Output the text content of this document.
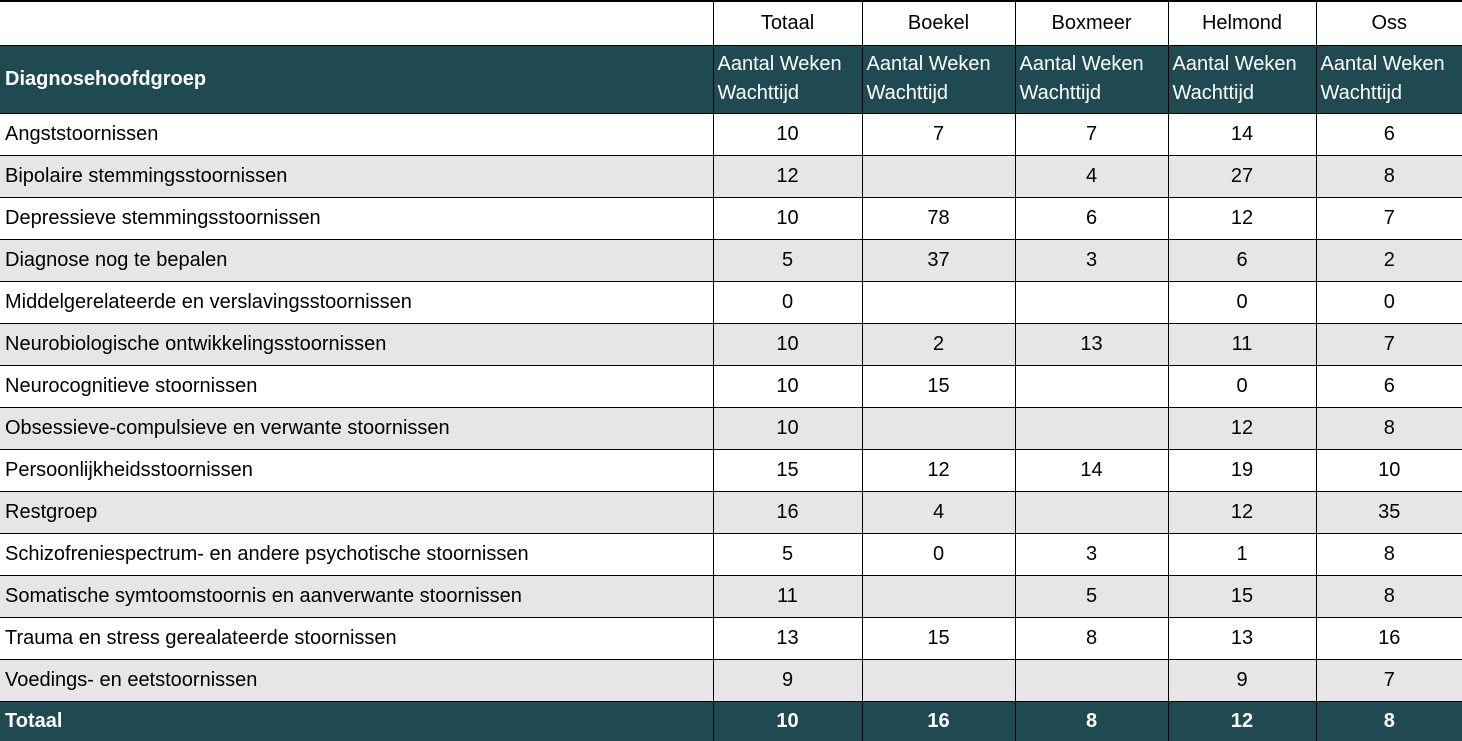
	Totaal	Boekel	Boxmeer	Helmond	Oss
Diagnosehoofdgroep	Aantal Weken Wachttijd	Aantal Weken Wachttijd	Aantal Weken Wachttijd	Aantal Weken Wachttijd	Aantal Weken Wachttijd
Angststoornissen	10	7	7	14	6
Bipolaire stemmingsstoornissen	12		4	27	8
Depressieve stemmingsstoornissen	10	78	6	12	7
Diagnose nog te bepalen	5	37	3	6	2
Middelgerelateerde en verslavingsstoornissen	0			0	0
Neurobiologische ontwikkelingsstoornissen	10	2	13	11	7
Neurocognitieve stoornissen	10	15		0	6
Obsessieve-compulsieve en verwante stoornissen	10			12	8
Persoonlijkheidsstoornissen	15	12	14	19	10
Restgroep	16	4		12	35
Schizofreniespectrum- en andere psychotische stoornissen	5	0	3	1	8
Somatische symtoomstoornis en aanverwante stoornissen	11		5	15	8
Trauma en stress gerealateerde stoornissen	13	15	8	13	16
Voedings- en eetstoornissen	9			9	7
Totaal	10	16	8	12	8
